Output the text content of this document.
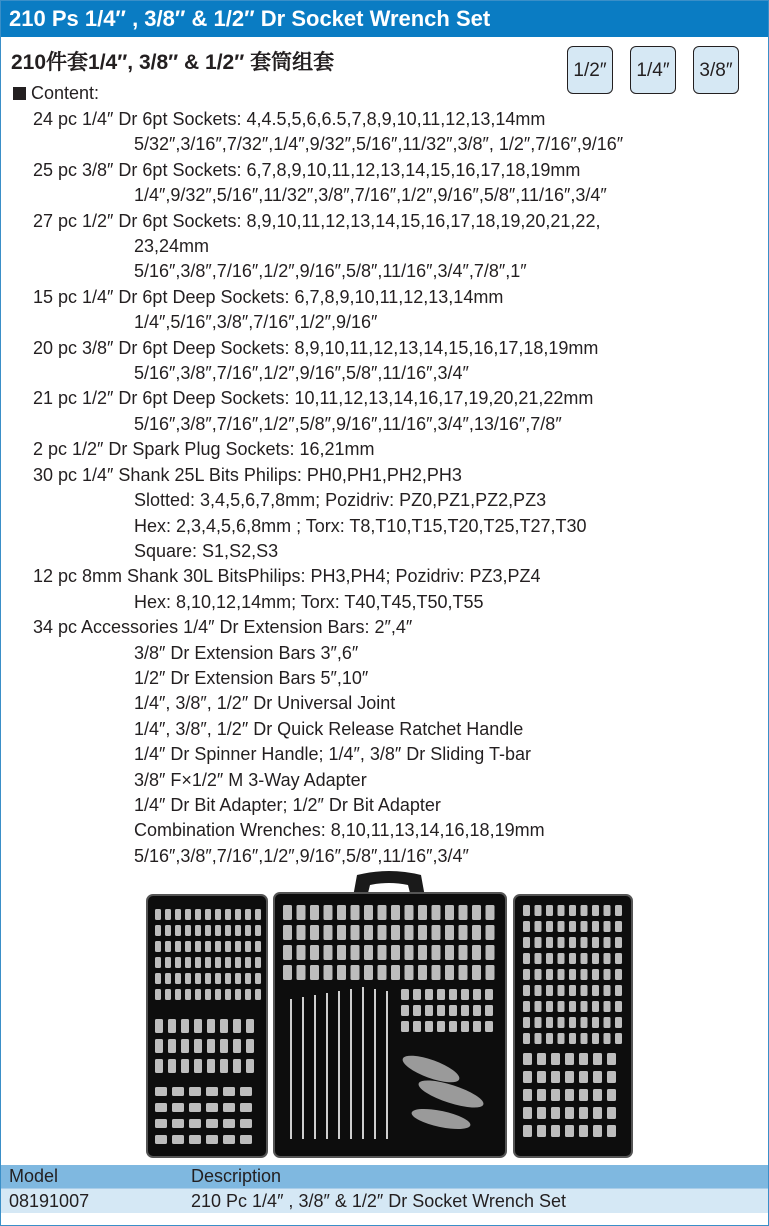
210 Ps 1/4″ , 3/8″ & 1/2″ Dr Socket Wrench Set
210件套1/4″, 3/8″ & 1/2″ 套筒组套	1/2″	1/4″	3/8″
Content:
24 pc 1/4″ Dr 6pt Sockets: 4,4.5,5,6,6.5,7,8,9,10,11,12,13,14mm
5/32″,3/16″,7/32″,1/4″,9/32″,5/16″,11/32″,3/8″, 1/2″,7/16″,9/16″
25 pc 3/8″ Dr 6pt Sockets: 6,7,8,9,10,11,12,13,14,15,16,17,18,19mm
1/4″,9/32″,5/16″,11/32″,3/8″,7/16″,1/2″,9/16″,5/8″,11/16″,3/4″
27 pc 1/2″ Dr 6pt Sockets: 8,9,10,11,12,13,14,15,16,17,18,19,20,21,22,
23,24mm
5/16″,3/8″,7/16″,1/2″,9/16″,5/8″,11/16″,3/4″,7/8″,1″
15 pc 1/4″ Dr 6pt Deep Sockets: 6,7,8,9,10,11,12,13,14mm
1/4″,5/16″,3/8″,7/16″,1/2″,9/16″
20 pc 3/8″ Dr 6pt Deep Sockets: 8,9,10,11,12,13,14,15,16,17,18,19mm
5/16″,3/8″,7/16″,1/2″,9/16″,5/8″,11/16″,3/4″
21 pc 1/2″ Dr 6pt Deep Sockets: 10,11,12,13,14,16,17,19,20,21,22mm
5/16″,3/8″,7/16″,1/2″,5/8″,9/16″,11/16″,3/4″,13/16″,7/8″
2 pc 1/2″ Dr Spark Plug Sockets: 16,21mm
30 pc 1/4″ Shank 25L Bits Philips: PH0,PH1,PH2,PH3
Slotted: 3,4,5,6,7,8mm; Pozidriv: PZ0,PZ1,PZ2,PZ3
Hex: 2,3,4,5,6,8mm ; Torx: T8,T10,T15,T20,T25,T27,T30
Square: S1,S2,S3
12 pc 8mm Shank 30L BitsPhilips: PH3,PH4; Pozidriv: PZ3,PZ4
Hex: 8,10,12,14mm; Torx: T40,T45,T50,T55
34 pc Accessories 1/4″ Dr Extension Bars: 2″,4″
3/8″ Dr Extension Bars 3″,6″
1/2″ Dr Extension Bars 5″,10″
1/4″, 3/8″, 1/2″ Dr Universal Joint
1/4″, 3/8″, 1/2″ Dr Quick Release Ratchet Handle
1/4″ Dr Spinner Handle; 1/4″, 3/8″ Dr Sliding T-bar
3/8″ F×1/2″ M 3-Way Adapter
1/4″ Dr Bit Adapter; 1/2″ Dr Bit Adapter
Combination Wrenches: 8,10,11,13,14,16,18,19mm
5/16″,3/8″,7/16″,1/2″,9/16″,5/8″,11/16″,3/4″
Model	Description
08191007	210 Pc 1/4″ , 3/8″ & 1/2″ Dr Socket Wrench Set
